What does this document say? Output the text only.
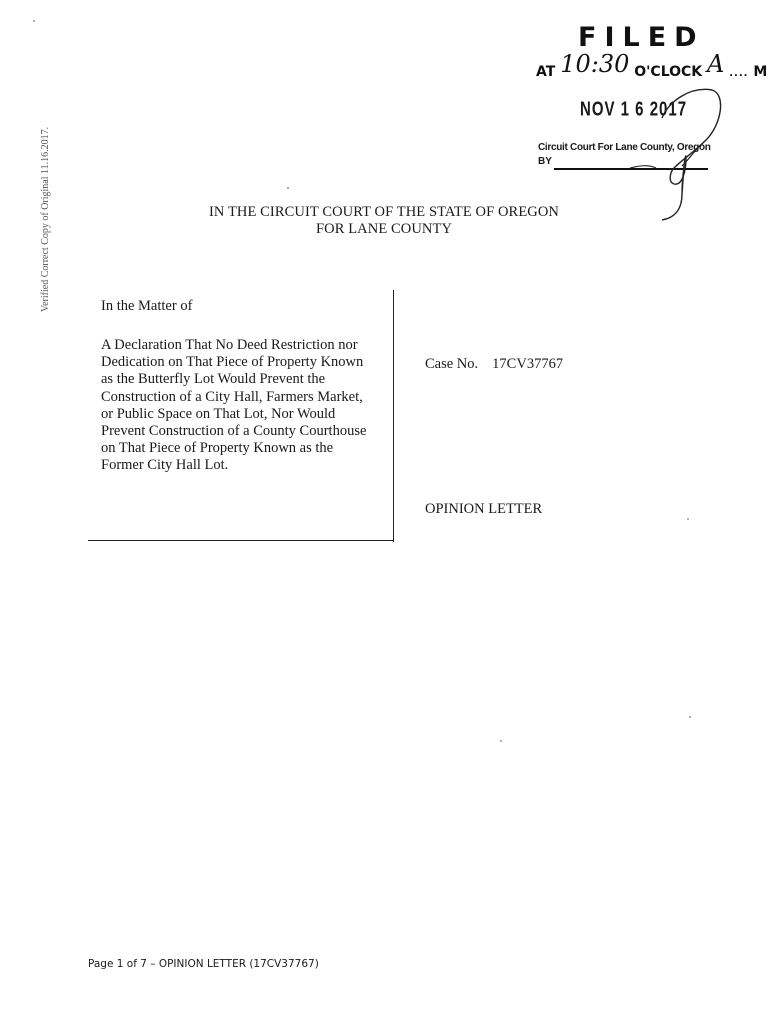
FILED
AT 10:30 O'CLOCK A .... M
NOV 1 6 2017
Circuit Court For Lane County, Oregon
BY
Verified Correct Copy of Original 11.16.2017.	IN THE CIRCUIT COURT OF THE STATE OF OREGON
FOR LANE COUNTY
In the Matter of
A Declaration That No Deed Restriction nor
Dedication on That Piece of Property Known
as the Butterfly Lot Would Prevent the
Construction of a City Hall, Farmers Market,
or Public Space on That Lot, Nor Would
Prevent Construction of a County Courthouse
on That Piece of Property Known as the
Former City Hall Lot.
Case No. 17CV37767
OPINION LETTER
Page 1 of 7 – OPINION LETTER (17CV37767)
